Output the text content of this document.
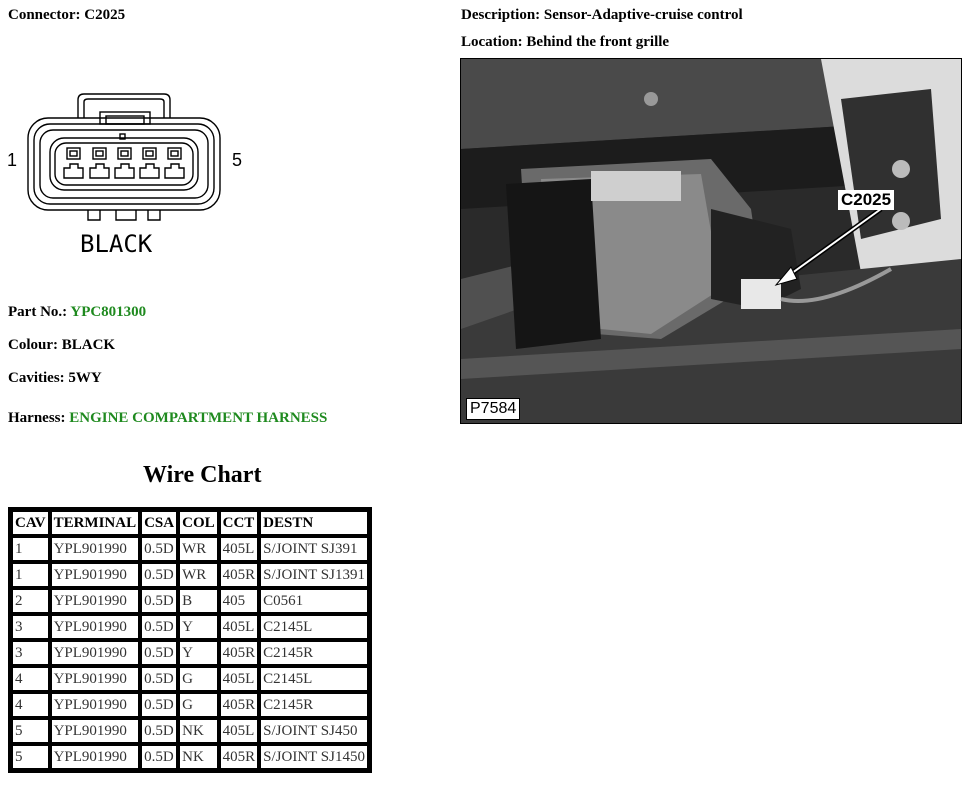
Connector: C2025	Description: Sensor-Adaptive-cruise control
Location: Behind the front grille
1	5
BLACK
Part No.: YPC801300
Colour: BLACK
Cavities: 5WY
Harness: ENGINE COMPARTMENT HARNESS
Wire Chart
CAV	TERMINAL	CSA	COL	CCT	DESTN
1	YPL901990	0.5D	WR	405L	S/JOINT SJ391
1	YPL901990	0.5D	WR	405R	S/JOINT SJ1391
2	YPL901990	0.5D	B	405	C0561
3	YPL901990	0.5D	Y	405L	C2145L
3	YPL901990	0.5D	Y	405R	C2145R
4	YPL901990	0.5D	G	405L	C2145L
4	YPL901990	0.5D	G	405R	C2145R
5	YPL901990	0.5D	NK	405L	S/JOINT SJ450
5	YPL901990	0.5D	NK	405R	S/JOINT SJ1450
C2025
P7584
